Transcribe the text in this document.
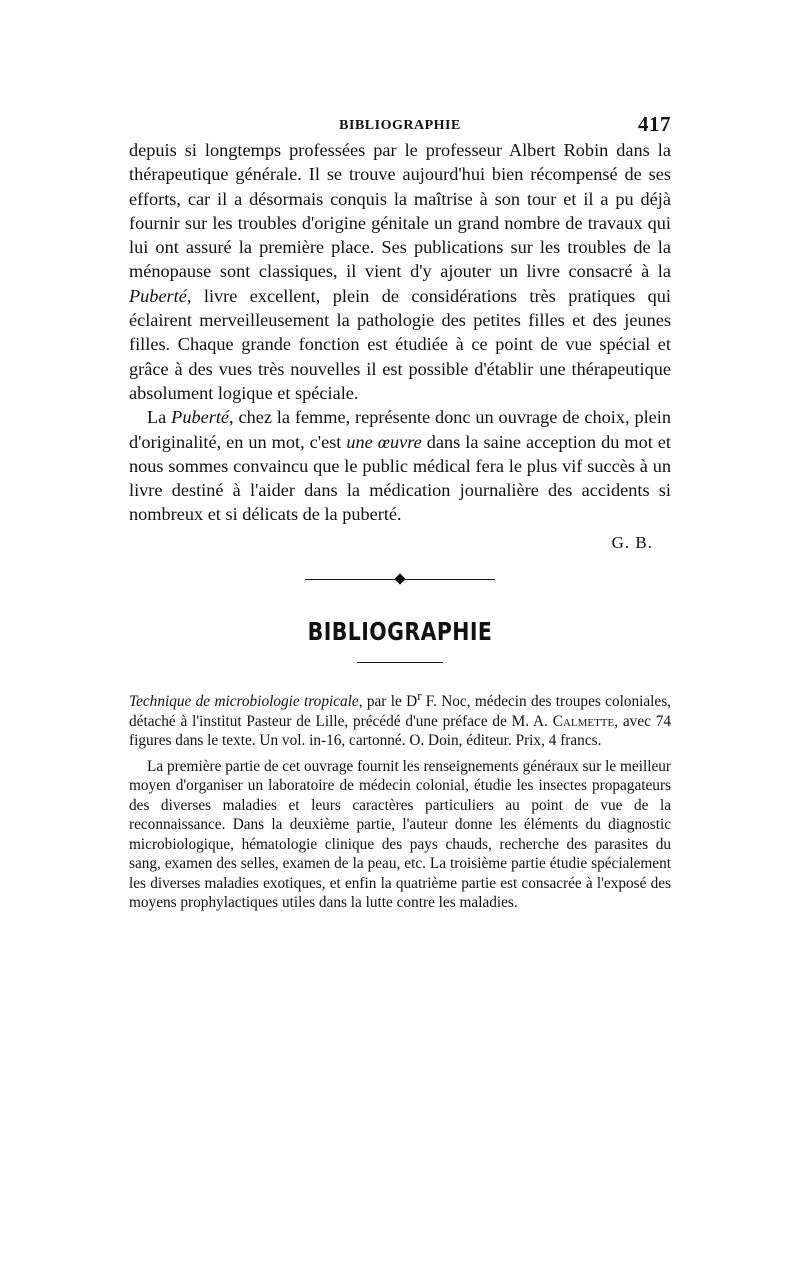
BIBLIOGRAPHIE	417

depuis si longtemps professées par le professeur Albert Robin dans la thérapeutique générale. Il se trouve aujourd'hui bien récompensé de ses efforts, car il a désormais conquis la maîtrise à son tour et il a pu déjà fournir sur les troubles d'origine génitale un grand nombre de travaux qui lui ont assuré la première place. Ses publications sur les troubles de la ménopause sont classiques, il vient d'y ajouter un livre consacré à la Puberté, livre excellent, plein de considérations très pratiques qui éclairent merveilleusement la pathologie des petites filles et des jeunes filles. Chaque grande fonction est étudiée à ce point de vue spécial et grâce à des vues très nouvelles il est possible d'établir une thérapeutique absolument logique et spéciale.

La Puberté, chez la femme, représente donc un ouvrage de choix, plein d'originalité, en un mot, c'est une œuvre dans la saine acception du mot et nous sommes convaincu que le public médical fera le plus vif succès à un livre destiné à l'aider dans la médication journalière des accidents si nombreux et si délicats de la puberté.

G. B.
BIBLIOGRAPHIE

Technique de microbiologie tropicale, par le $D^r$ F. Noc, médecin des troupes coloniales, détaché à l'institut Pasteur de Lille, précédé d'une préface de M. A. Calmette, avec 74 figures dans le texte. Un vol. in-16, cartonné. O. Doin, éditeur. Prix, 4 francs.

La première partie de cet ouvrage fournit les renseignements généraux sur le meilleur moyen d'organiser un laboratoire de médecin colonial, étudie les insectes propagateurs des diverses maladies et leurs caractères particuliers au point de vue de la reconnaissance. Dans la deuxième partie, l'auteur donne les éléments du diagnostic microbiologique, hématologie clinique des pays chauds, recherche des parasites du sang, examen des selles, examen de la peau, etc. La troisième partie étudie spécialement les diverses maladies exotiques, et enfin la quatrième partie est consacrée à l'exposé des moyens prophylactiques utiles dans la lutte contre les maladies.
